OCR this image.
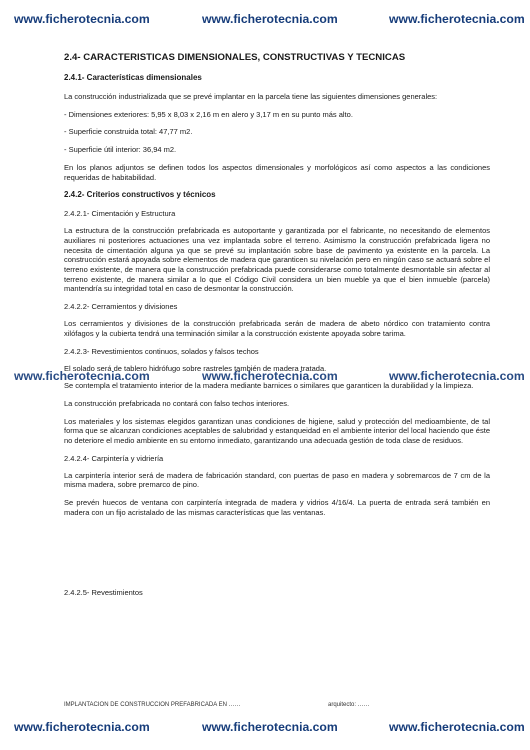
www.ficherotecnia.com	www.ficherotecnia.com	www.ficherotecnia.com
2.4- CARACTERISTICAS DIMENSIONALES, CONSTRUCTIVAS Y TECNICAS
2.4.1- Características dimensionales

La construcción industrializada que se prevé implantar en la parcela tiene las siguientes dimensiones generales:

- Dimensiones exteriores: 5,95 x 8,03 x 2,16 m en alero y 3,17 m en su punto más alto.

- Superficie construida total: 47,77 m2.

- Superficie útil interior: 36,94 m2.

En los planos adjuntos se definen todos los aspectos dimensionales y morfológicos así como aspectos a las condiciones requeridas de habitabilidad.

2.4.2- Criterios constructivos y técnicos
2.4.2.1- Cimentación y Estructura

La estructura de la construcción prefabricada es autoportante y garantizada por el fabricante, no necesitando de elementos auxiliares ni posteriores actuaciones una vez implantada sobre el terreno. Asimismo la construcción prefabricada ligera no necesita de cimentación alguna ya que se prevé su implantación sobre base de pavimento ya existente en la parcela. La construcción estará apoyada sobre elementos de madera que garanticen su nivelación pero en ningún caso se actuará sobre el terreno existente, de manera que la construcción prefabricada puede considerarse como totalmente desmontable sin afectar al terreno existente, de manera similar a lo que el Código Civil considera un bien mueble ya que el bien inmueble (parcela) mantendría su integridad total en caso de desmontar la construcción.

2.4.2.2- Cerramientos y divisiones

Los cerramientos y divisiones de la construcción prefabricada serán de madera de abeto nórdico con tratamiento contra xilófagos y la cubierta tendrá una terminación similar a la construcción existente apoyada sobre tarima.

2.4.2.3- Revestimientos continuos, solados y falsos techos

El solado será de tablero hidrófugo sobre rastreles también de madera tratada.

Se contempla el tratamiento interior de la madera mediante barnices o similares que garanticen la durabilidad y la limpieza.

La construcción prefabricada no contará con falso techos interiores.

Los materiales y los sistemas elegidos garantizan unas condiciones de higiene, salud y protección del medioambiente, de tal forma que se alcanzan condiciones aceptables de salubridad y estanqueidad en el ambiente interior del local haciendo que éste no deteriore el medio ambiente en su entorno inmediato, garantizando una adecuada gestión de toda clase de residuos.

2.4.2.4- Carpintería y vidriería

La carpintería interior será de madera de fabricación standard, con puertas de paso en madera y sobremarcos de 7 cm de la misma madera, sobre premarco de pino.

Se prevén huecos de ventana con carpintería integrada de madera y vidrios 4/16/4. La puerta de entrada será también en madera con un fijo acristalado de las mismas características que las ventanas.

2.4.2.5- Revestimientos
www.ficherotecnia.com	www.ficherotecnia.com	www.ficherotecnia.com
IMPLANTACION DE CONSTRUCCION PREFABRICADA EN ……	arquitecto: ……
www.ficherotecnia.com	www.ficherotecnia.com	www.ficherotecnia.com
